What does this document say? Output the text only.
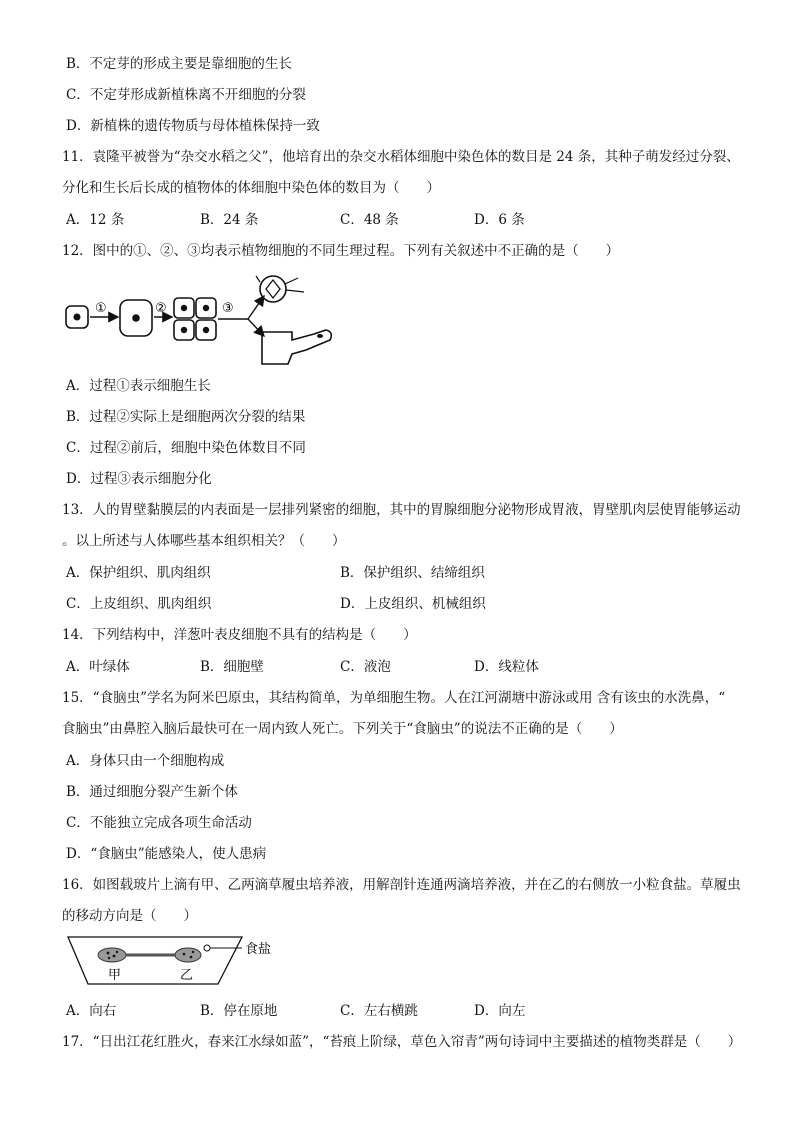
B．不定芽的形成主要是靠细胞的生长
C．不定芽形成新植株离不开细胞的分裂
D．新植株的遗传物质与母体植株保持一致
11．袁隆平被誉为“杂交水稻之父”，他培育出的杂交水稻体细胞中染色体的数目是 24 条，其种子萌发经过分裂、
分化和生长后长成的植物体的体细胞中染色体的数目为（　　）
A．12 条	B．24 条	C．48 条	D．6 条
12．图中的①、②、③均表示植物细胞的不同生理过程。下列有关叙述中不正确的是（　　）
①	②	③
A．过程①表示细胞生长
B．过程②实际上是细胞两次分裂的结果
C．过程②前后，细胞中染色体数目不同
D．过程③表示细胞分化
13．人的胃壁黏膜层的内表面是一层排列紧密的细胞，其中的胃腺细胞分泌物形成胃液，胃壁肌肉层使胃能够运动
。以上所述与人体哪些基本组织相关？（　　）
A．保护组织、肌肉组织	B．保护组织、结缔组织
C．上皮组织、肌肉组织	D．上皮组织、机械组织
14．下列结构中，洋葱叶表皮细胞不具有的结构是（　　）
A．叶绿体	B．细胞壁	C．液泡	D．线粒体
15．“食脑虫”学名为阿米巴原虫，其结构简单，为单细胞生物。人在江河湖塘中游泳或用 含有该虫的水洗鼻，“
食脑虫”由鼻腔入脑后最快可在一周内致人死亡。下列关于“食脑虫”的说法不正确的是（　　）
A．身体只由一个细胞构成
B．通过细胞分裂产生新个体
C．不能独立完成各项生命活动
D．“食脑虫”能感染人，使人患病
16．如图载玻片上滴有甲、乙两滴草履虫培养液，用解剖针连通两滴培养液，并在乙的右侧放一小粒食盐。草履虫
的移动方向是（　　）
甲	乙
食盐
A．向右	B．停在原地	C．左右横跳	D．向左
17．“日出江花红胜火，春来江水绿如蓝”，“苔痕上阶绿，草色入帘青”两句诗词中主要描述的植物类群是（　　）
